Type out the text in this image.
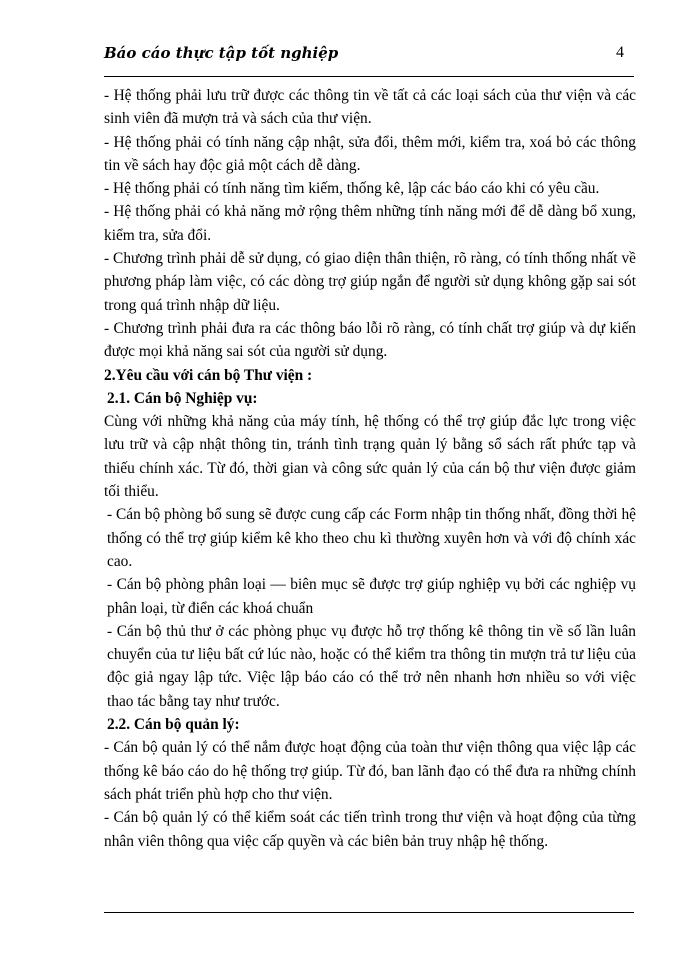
Báo cáo thực tập tốt nghiệp	4

- Hệ thống phải lưu trữ được các thông tin về tất cả các loại sách của thư viện và các sinh viên đã mượn trả và sách của thư viện.

- Hệ thống phải có tính năng cập nhật, sửa đổi, thêm mới, kiểm tra, xoá bỏ các thông tin về sách hay độc giả một cách dễ dàng.

- Hệ thống phải có tính năng tìm kiếm, thống kê, lập các báo cáo khi có yêu cầu.

- Hệ thống phải có khả năng mở rộng thêm những tính năng mới để dễ dàng bổ xung, kiểm tra, sửa đổi.

- Chương trình phải dễ sử dụng, có giao diện thân thiện, rõ ràng, có tính thống nhất về phương pháp làm việc, có các dòng trợ giúp ngắn để người sử dụng không gặp sai sót trong quá trình nhập dữ liệu.

- Chương trình phải đưa ra các thông báo lỗi rõ ràng, có tính chất trợ giúp và dự kiến được mọi khả năng sai sót của người sử dụng.

2.Yêu cầu với cán bộ Thư viện :

2.1. Cán bộ Nghiệp vụ:

Cùng với những khả năng của máy tính, hệ thống có thể trợ giúp đắc lực trong việc lưu trữ và cập nhật thông tin, tránh tình trạng quản lý bằng sổ sách rất phức tạp và thiếu chính xác. Từ đó, thời gian và công sức quản lý của cán bộ thư viện được giảm tối thiểu.

- Cán bộ phòng bổ sung sẽ được cung cấp các Form nhập tin thống nhất, đồng thời hệ thống có thể trợ giúp kiểm kê kho theo chu kì thường xuyên hơn và với độ chính xác cao.

- Cán bộ phòng phân loại — biên mục sẽ được trợ giúp nghiệp vụ bởi các nghiệp vụ phân loại, từ điển các khoá chuẩn

- Cán bộ thủ thư ở các phòng phục vụ được hỗ trợ thống kê thông tin về số lần luân chuyển của tư liệu bất cứ lúc nào, hoặc có thể kiểm tra thông tin mượn trả tư liệu của độc giả ngay lập tức. Việc lập báo cáo có thể trở nên nhanh hơn nhiều so với việc thao tác bằng tay như trước.

2.2. Cán bộ quản lý:

- Cán bộ quản lý có thể nắm được hoạt động của toàn thư viện thông qua việc lập các thống kê báo cáo do hệ thống trợ giúp. Từ đó, ban lãnh đạo có thể đưa ra những chính sách phát triển phù hợp cho thư viện.

- Cán bộ quản lý có thể kiểm soát các tiến trình trong thư viện và hoạt động của từng nhân viên thông qua việc cấp quyền và các biên bản truy nhập hệ thống.
